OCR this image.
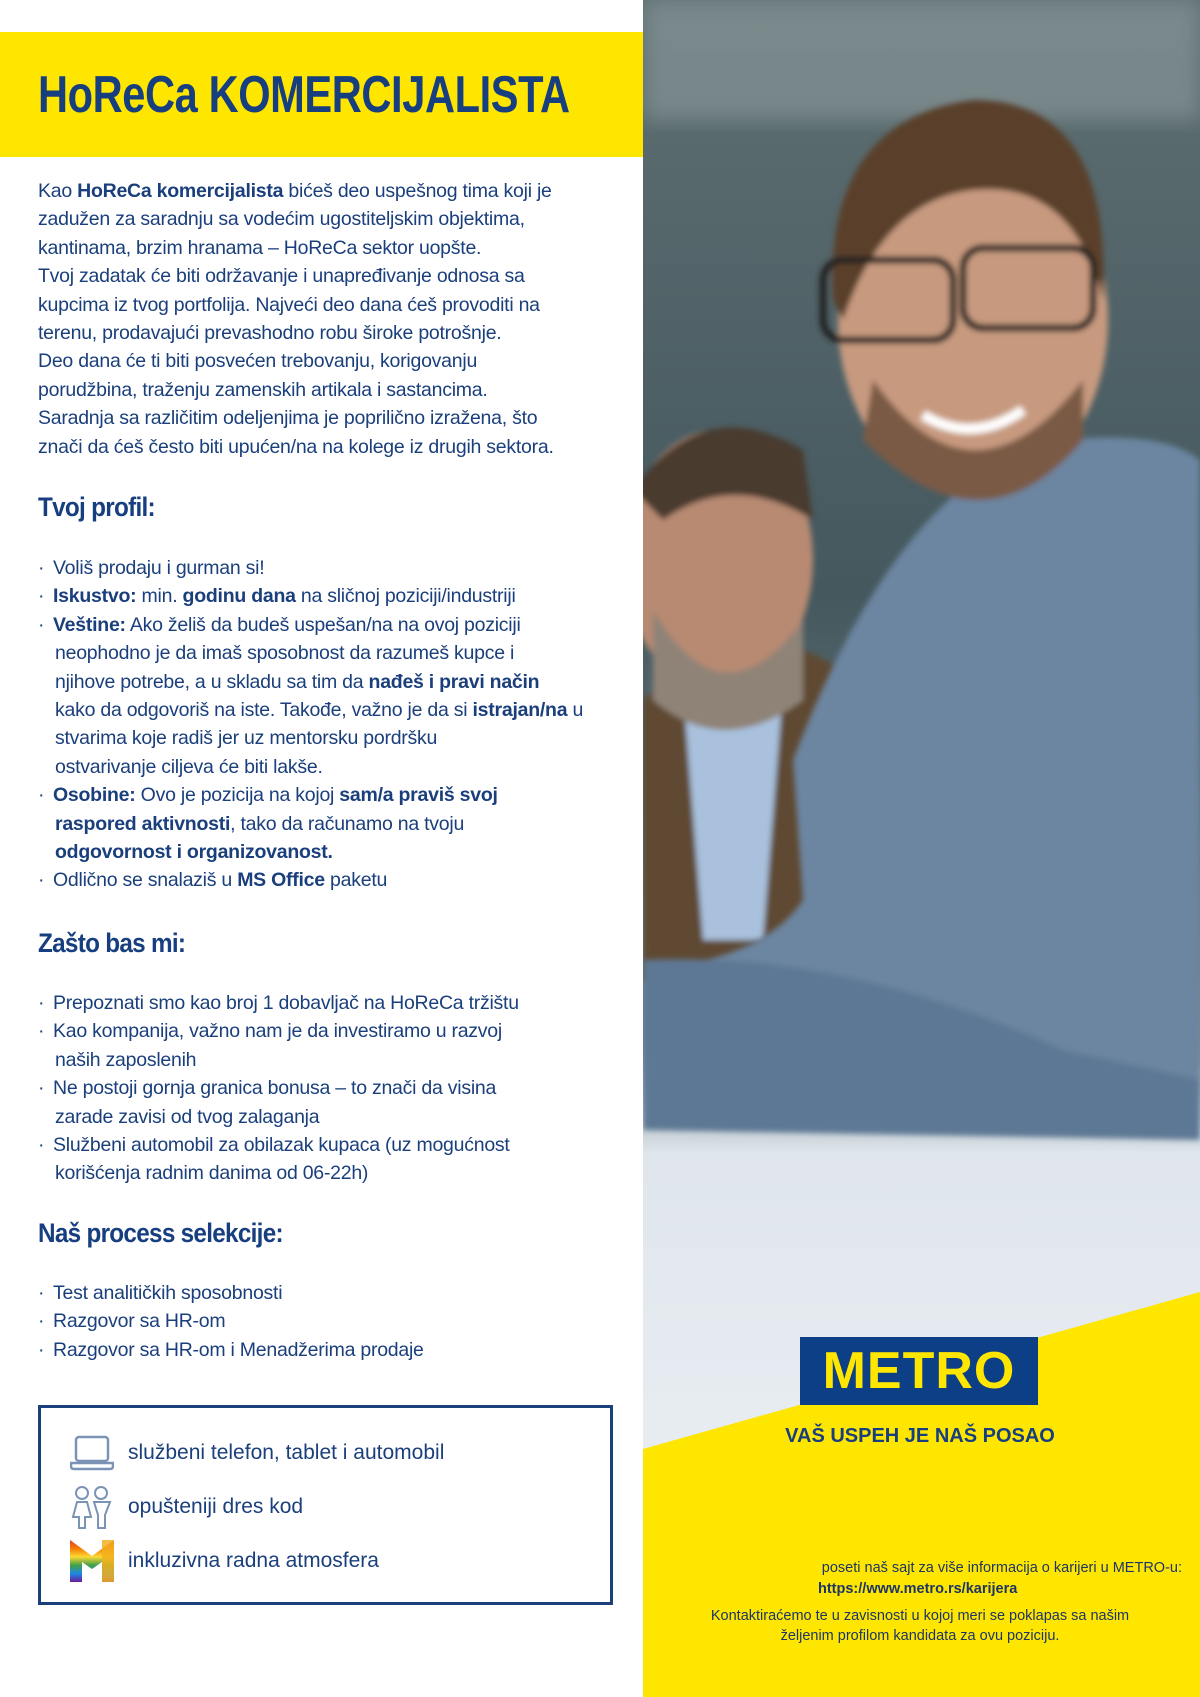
HoReCa KOMERCIJALISTA
Kao HoReCa komercijalista bićeš deo uspešnog tima koji je
zadužen za saradnju sa vodećim ugostiteljskim objektima,
kantinama, brzim hranama – HoReCa sektor uopšte.
Tvoj zadatak će biti održavanje i unapređivanje odnosa sa
kupcima iz tvog portfolija. Najveći deo dana ćeš provoditi na
terenu, prodavajući prevashodno robu široke potrošnje.
Deo dana će ti biti posvećen trebovanju, korigovanju
porudžbina, traženju zamenskih artikala i sastancima.
Saradnja sa različitim odeljenjima je poprilično izražena, što
znači da ćeš često biti upućen/na na kolege iz drugih sektora.
Tvoj profil:
· Voliš prodaju i gurman si!
· Iskustvo: min. godinu dana na sličnoj poziciji/industriji
· Veštine: Ako želiš da budeš uspešan/na na ovoj poziciji
neophodno je da imaš sposobnost da razumeš kupce i
njihove potrebe, a u skladu sa tim da nađeš i pravi način
kako da odgovoriš na iste. Takođe, važno je da si istrajan/na u
stvarima koje radiš jer uz mentorsku pordršku
ostvarivanje ciljeva će biti lakše.
· Osobine: Ovo je pozicija na kojoj sam/a praviš svoj
raspored aktivnosti, tako da računamo na tvoju
odgovornost i organizovanost.
· Odlično se snalaziš u MS Office paketu
Zašto bas mi:
· Prepoznati smo kao broj 1 dobavljač na HoReCa tržištu
· Kao kompanija, važno nam je da investiramo u razvoj
naših zaposlenih
· Ne postoji gornja granica bonusa – to znači da visina
zarade zavisi od tvog zalaganja
· Službeni automobil za obilazak kupaca (uz mogućnost
korišćenja radnim danima od 06-22h)
Naš process selekcije:
· Test analitičkih sposobnosti
· Razgovor sa HR-om
· Razgovor sa HR-om i Menadžerima prodaje
službeni telefon, tablet i automobil
opušteniji dres kod
inkluzivna radna atmosfera
METRO
VAŠ USPEH JE NAŠ POSAO
poseti naš sajt za više informacija o karijeri u METRO-u:
https://www.metro.rs/karijera
Kontaktiraćemo te u zavisnosti u kojoj meri se poklapas sa našim
željenim profilom kandidata za ovu poziciju.
